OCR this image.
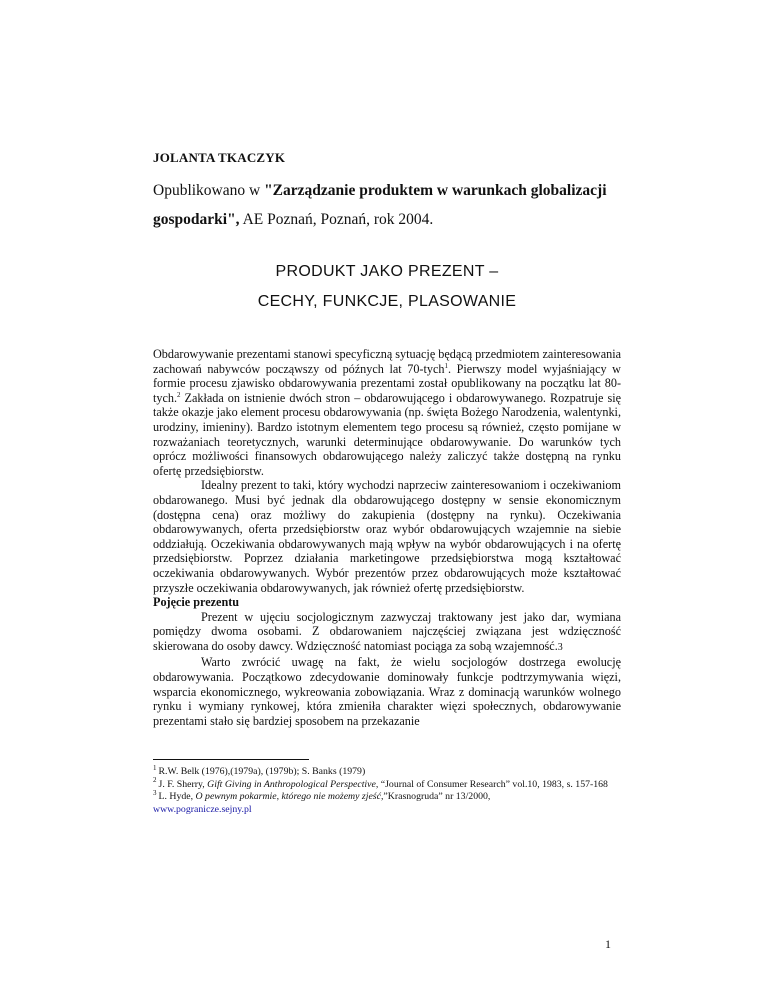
JOLANTA TKACZYK
Opublikowano w "Zarządzanie produktem w warunkach globalizacji gospodarki", AE Poznań, Poznań, rok 2004.
PRODUKT JAKO PREZENT –
CECHY, FUNKCJE, PLASOWANIE

Obdarowywanie prezentami stanowi specyficzną sytuację będącą przedmiotem zainteresowania zachowań nabywców począwszy od późnych lat 70-tych$^1$. Pierwszy model wyjaśniający w formie procesu zjawisko obdarowywania prezentami został opublikowany na początku lat 80-tych.$^2$ Zakłada on istnienie dwóch stron – obdarowującego i obdarowywanego. Rozpatruje się także okazje jako element procesu obdarowywania (np. święta Bożego Narodzenia, walentynki, urodziny, imieniny). Bardzo istotnym elementem tego procesu są również, często pomijane w rozważaniach teoretycznych, warunki determinujące obdarowywanie. Do warunków tych oprócz możliwości finansowych obdarowującego należy zaliczyć także dostępną na rynku ofertę przedsiębiorstw.

Idealny prezent to taki, który wychodzi naprzeciw zainteresowaniom i oczekiwaniom obdarowanego. Musi być jednak dla obdarowującego dostępny w sensie ekonomicznym (dostępna cena) oraz możliwy do zakupienia (dostępny na rynku). Oczekiwania obdarowywanych, oferta przedsiębiorstw oraz wybór obdarowujących wzajemnie na siebie oddziałują. Oczekiwania obdarowywanych mają wpływ na wybór obdarowujących i na ofertę przedsiębiorstw. Poprzez działania marketingowe przedsiębiorstwa mogą kształtować oczekiwania obdarowywanych. Wybór prezentów przez obdarowujących może kształtować przyszłe oczekiwania obdarowywanych, jak również ofertę przedsiębiorstw.

Pojęcie prezentu

Prezent w ujęciu socjologicznym zazwyczaj traktowany jest jako dar, wymiana pomiędzy dwoma osobami. Z obdarowaniem najczęściej związana jest wdzięczność skierowana do osoby dawcy. Wdzięczność natomiast pociąga za sobą wzajemność.3

Warto zwrócić uwagę na fakt, że wielu socjologów dostrzega ewolucję obdarowywania. Początkowo zdecydowanie dominowały funkcje podtrzymywania więzi, wsparcia ekonomicznego, wykreowania zobowiązania. Wraz z dominacją warunków wolnego rynku i wymiany rynkowej, która zmieniła charakter więzi społecznych, obdarowywanie prezentami stało się bardziej sposobem na przekazanie

$^1$ R.W. Belk (1976),(1979a), (1979b); S. Banks (1979)

$^2$ J. F. Sherry, Gift Giving in Anthropological Perspective, “Journal of Consumer Research” vol.10, 1983, s. 157-168

$^3$ L. Hyde, O pewnym pokarmie, którego nie możemy zjeść,”Krasnogruda” nr 13/2000,

www.pogranicze.sejny.pl

1
